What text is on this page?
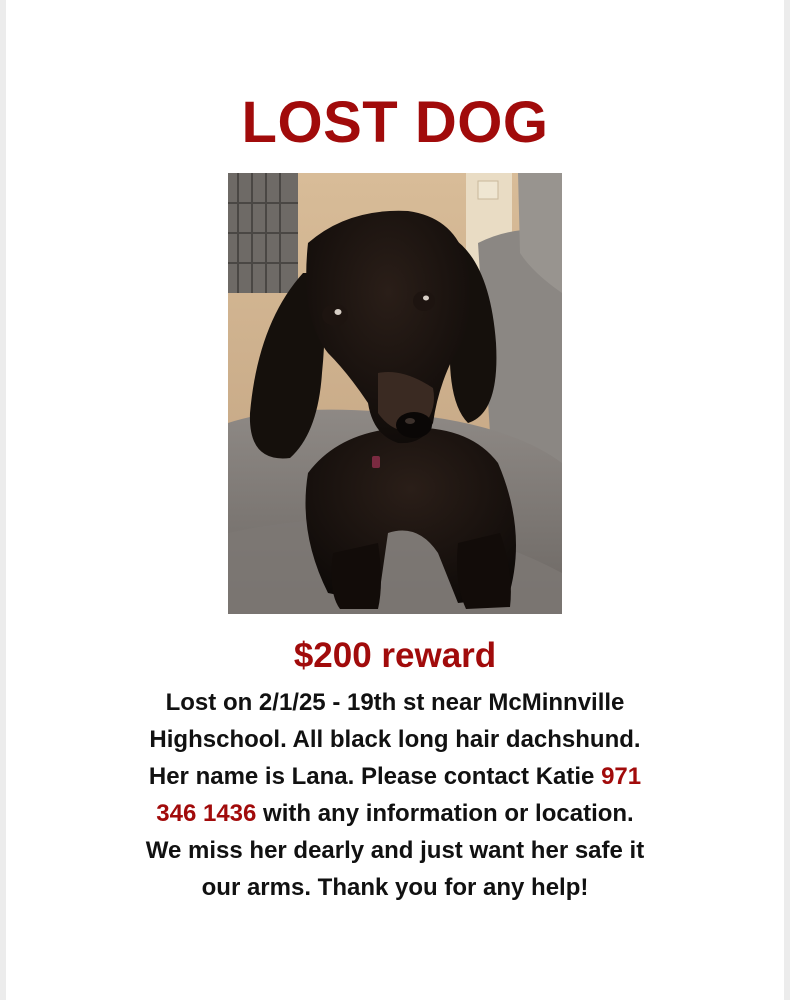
LOST DOG
$200 reward
Lost on 2/1/25 - 19th st near McMinnville
Highschool. All black long hair dachshund.
Her name is Lana. Please contact Katie 971
346 1436 with any information or location.
We miss her dearly and just want her safe it
our arms. Thank you for any help!
